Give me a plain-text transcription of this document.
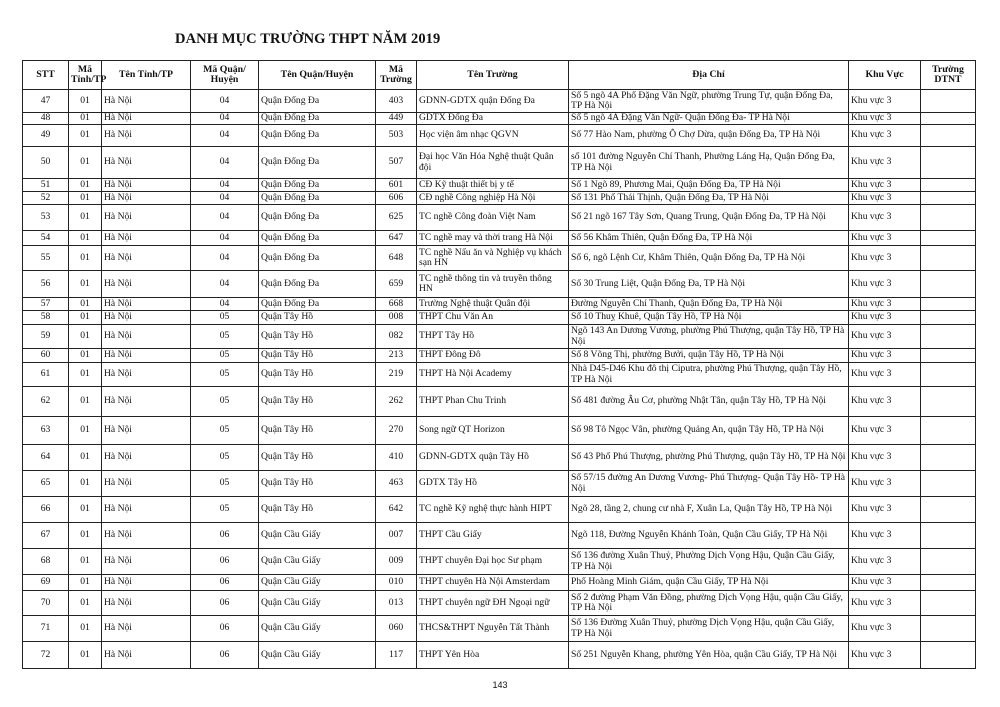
DANH MỤC TRƯỜNG THPT NĂM 2019
STT	Mã Tỉnh/TP	Tên Tỉnh/TP	Mã Quận/ Huyện	Tên Quận/Huyện	Mã Trường	Tên Trường	Địa Chỉ	Khu Vực	Trường DTNT
47	01	Hà Nội	04	Quận Đống Đa	403	GDNN-GDTX quận Đống Đa	Số 5 ngõ 4A Phố Đặng Văn Ngữ, phường Trung Tự, quận Đống Đa, TP Hà Nội	Khu vực 3	
48	01	Hà Nội	04	Quận Đống Đa	449	GDTX Đống Đa	Số 5 ngõ 4A Đặng Văn Ngữ- Quận Đống Đa- TP Hà Nội	Khu vực 3	
49	01	Hà Nội	04	Quận Đống Đa	503	Học viện âm nhạc QGVN	Số 77 Hào Nam, phường Ô Chợ Dừa, quận Đống Đa, TP Hà Nội	Khu vực 3	
50	01	Hà Nội	04	Quận Đống Đa	507	Đại học Văn Hóa Nghệ thuật Quân đội	số 101 đường Nguyễn Chí Thanh, Phường Láng Hạ, Quận Đống Đa, TP Hà Nội	Khu vực 3	
51	01	Hà Nội	04	Quận Đống Đa	601	CĐ Kỹ thuật thiết bị y tế	Số 1 Ngõ 89, Phương Mai, Quận Đống Đa, TP Hà Nội	Khu vực 3	
52	01	Hà Nội	04	Quận Đống Đa	606	CĐ nghề Công nghiệp Hà Nội	Số 131 Phố Thái Thịnh, Quận Đống Đa, TP Hà Nội	Khu vực 3	
53	01	Hà Nội	04	Quận Đống Đa	625	TC nghề Công đoàn Việt Nam	Số 21 ngõ 167 Tây Sơn, Quang Trung, Quận Đống Đa, TP Hà Nội	Khu vực 3	
54	01	Hà Nội	04	Quận Đống Đa	647	TC nghề may và thời trang Hà Nội	Số 56 Khâm Thiên, Quận Đống Đa, TP Hà Nội	Khu vực 3	
55	01	Hà Nội	04	Quận Đống Đa	648	TC nghề Nấu ăn và Nghiệp vụ khách sạn HN	Số 6, ngõ Lệnh Cư, Khâm Thiên, Quận Đống Đa, TP Hà Nội	Khu vực 3	
56	01	Hà Nội	04	Quận Đống Đa	659	TC nghề thông tin và truyền thông HN	Số 30 Trung Liệt, Quận Đống Đa, TP Hà Nội	Khu vực 3	
57	01	Hà Nội	04	Quận Đống Đa	668	Trường Nghệ thuật Quân đội	Đường Nguyễn Chí Thanh, Quận Đống Đa, TP Hà Nội	Khu vực 3	
58	01	Hà Nội	05	Quận Tây Hồ	008	THPT Chu Văn An	Số 10 Thuỵ Khuê, Quận Tây Hồ, TP Hà Nội	Khu vực 3	
59	01	Hà Nội	05	Quận Tây Hồ	082	THPT Tây Hồ	Ngõ 143 An Dương Vương, phường Phú Thượng, quận Tây Hồ, TP Hà Nội	Khu vực 3	
60	01	Hà Nội	05	Quận Tây Hồ	213	THPT Đông Đô	Số 8 Võng Thị, phường Bưởi, quận Tây Hồ, TP Hà Nội	Khu vực 3	
61	01	Hà Nội	05	Quận Tây Hồ	219	THPT Hà Nội Academy	Nhà D45-D46 Khu đô thị Ciputra, phường Phú Thượng, quận Tây Hồ, TP Hà Nội	Khu vực 3	
62	01	Hà Nội	05	Quận Tây Hồ	262	THPT Phan Chu Trinh	Số 481 đường Âu Cơ, phường Nhật Tân, quận Tây Hồ, TP Hà Nội	Khu vực 3	
63	01	Hà Nội	05	Quận Tây Hồ	270	Song ngữ QT Horizon	Số 98 Tô Ngọc Vân, phường Quảng An, quận Tây Hồ, TP Hà Nội	Khu vực 3	
64	01	Hà Nội	05	Quận Tây Hồ	410	GDNN-GDTX quận Tây Hồ	Số 43 Phố Phú Thượng, phường Phú Thượng, quận Tây Hồ, TP Hà Nội	Khu vực 3	
65	01	Hà Nội	05	Quận Tây Hồ	463	GDTX Tây Hồ	Số 57/15 đường An Dương Vương- Phú Thượng- Quận Tây Hồ- TP Hà Nội	Khu vực 3	
66	01	Hà Nội	05	Quận Tây Hồ	642	TC nghề Kỹ nghệ thực hành HIPT	Ngõ 28, tầng 2, chung cư nhà F, Xuân La, Quận Tây Hồ, TP Hà Nội	Khu vực 3	
67	01	Hà Nội	06	Quận Cầu Giấy	007	THPT Cầu Giấy	Ngõ 118, Đường Nguyễn Khánh Toàn, Quận Cầu Giấy, TP Hà Nội	Khu vực 3	
68	01	Hà Nội	06	Quận Cầu Giấy	009	THPT chuyên Đại học Sư phạm	Số 136 đường Xuân Thuỷ, Phường Dịch Vọng Hậu, Quận Cầu Giấy, TP Hà Nội	Khu vực 3	
69	01	Hà Nội	06	Quận Cầu Giấy	010	THPT chuyên Hà Nội Amsterdam	Phố Hoàng Minh Giám, quận Cầu Giấy, TP Hà Nội	Khu vực 3	
70	01	Hà Nội	06	Quận Cầu Giấy	013	THPT chuyên ngữ ĐH Ngoại ngữ	Số 2 đường Phạm Văn Đồng, phường Dịch Vọng Hậu, quận Cầu Giấy, TP Hà Nội	Khu vực 3	
71	01	Hà Nội	06	Quận Cầu Giấy	060	THCS&THPT Nguyễn Tất Thành	Số 136 Đường Xuân Thuỷ, phường Dịch Vọng Hậu, quận Cầu Giấy, TP Hà Nội	Khu vực 3	
72	01	Hà Nội	06	Quận Cầu Giấy	117	THPT Yên Hòa	Số 251 Nguyễn Khang, phường Yên Hòa, quận Cầu Giấy, TP Hà Nội	Khu vực 3	
143
